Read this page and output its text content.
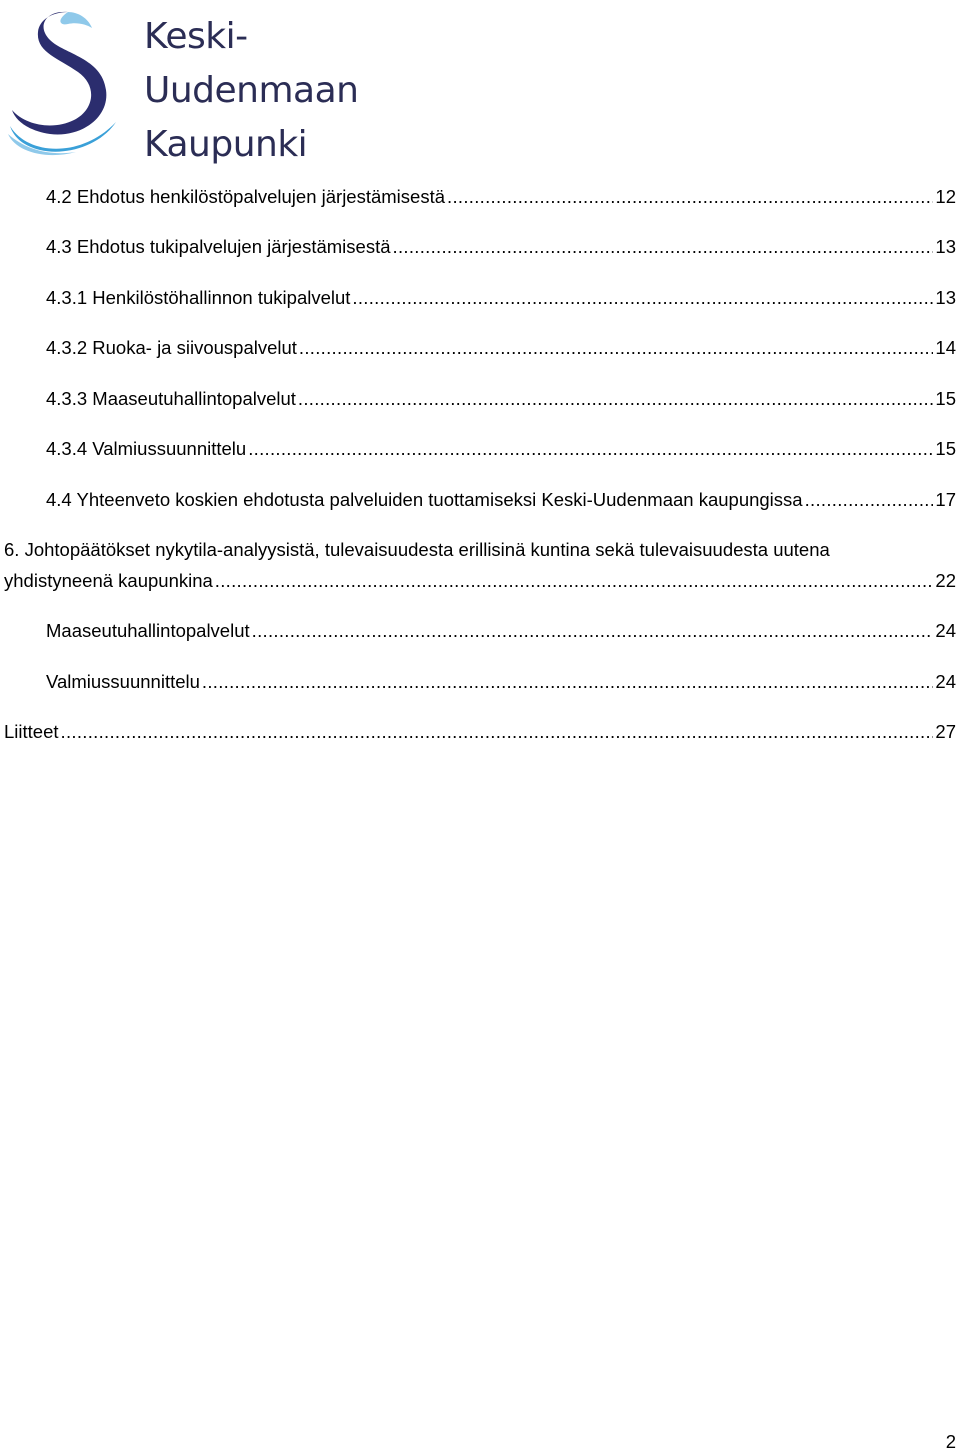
Keski-
Uudenmaan
Kaupunki
4.2 Ehdotus henkilöstöpalvelujen järjestämisestä .....	12
4.3 Ehdotus tukipalvelujen järjestämisestä .....	13
4.3.1 Henkilöstöhallinnon tukipalvelut .....	13
4.3.2 Ruoka- ja siivouspalvelut .....	14
4.3.3 Maaseutuhallintopalvelut .....	15
4.3.4 Valmiussuunnittelu .....	15
4.4 Yhteenveto koskien ehdotusta palveluiden tuottamiseksi Keski-Uudenmaan kaupungissa .....	17
6. Johtopäätökset nykytila-analyysistä, tulevaisuudesta erillisinä kuntina sekä tulevaisuudesta uutena
yhdistyneenä kaupunkina .....	22
Maaseutuhallintopalvelut .....	24
Valmiussuunnittelu .....	24
Liitteet .....	27
2
